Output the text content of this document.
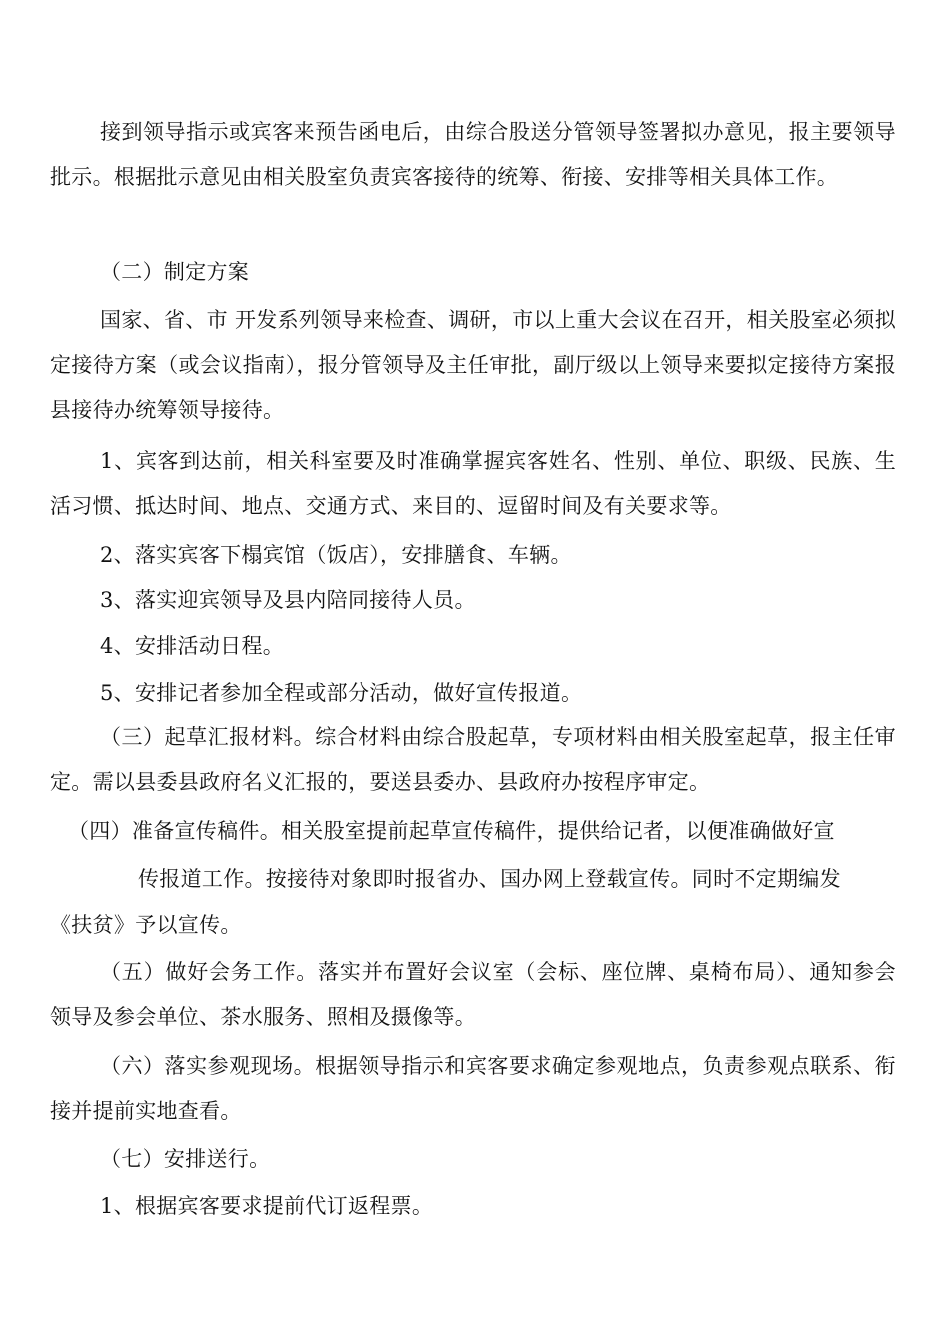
接到领导指示或宾客来预告函电后，由综合股送分管领导签署拟办意见，报主要领导批示。根据批示意见由相关股室负责宾客接待的统筹、衔接、安排等相关具体工作。

（二）制定方案

国家、省、市 开发系列领导来检查、调研，市以上重大会议在召开，相关股室必须拟定接待方案（或会议指南），报分管领导及主任审批，副厅级以上领导来要拟定接待方案报县接待办统筹领导接待。

1、宾客到达前，相关科室要及时准确掌握宾客姓名、性别、单位、职级、民族、生活习惯、抵达时间、地点、交通方式、来目的、逗留时间及有关要求等。

2、落实宾客下榻宾馆（饭店），安排膳食、车辆。

3、落实迎宾领导及县内陪同接待人员。

4、安排活动日程。

5、安排记者参加全程或部分活动，做好宣传报道。

（三）起草汇报材料。综合材料由综合股起草，专项材料由相关股室起草，报主任审定。需以县委县政府名义汇报的，要送县委办、县政府办按程序审定。

（四）准备宣传稿件。相关股室提前起草宣传稿件，提供给记者，以便准确做好宣

传报道工作。按接待对象即时报省办、国办网上登载宣传。同时不定期编发

《扶贫》予以宣传。

（五）做好会务工作。落实并布置好会议室（会标、座位牌、桌椅布局）、通知参会领导及参会单位、茶水服务、照相及摄像等。

（六）落实参观现场。根据领导指示和宾客要求确定参观地点，负责参观点联系、衔接并提前实地查看。

（七）安排送行。

1、根据宾客要求提前代订返程票。
